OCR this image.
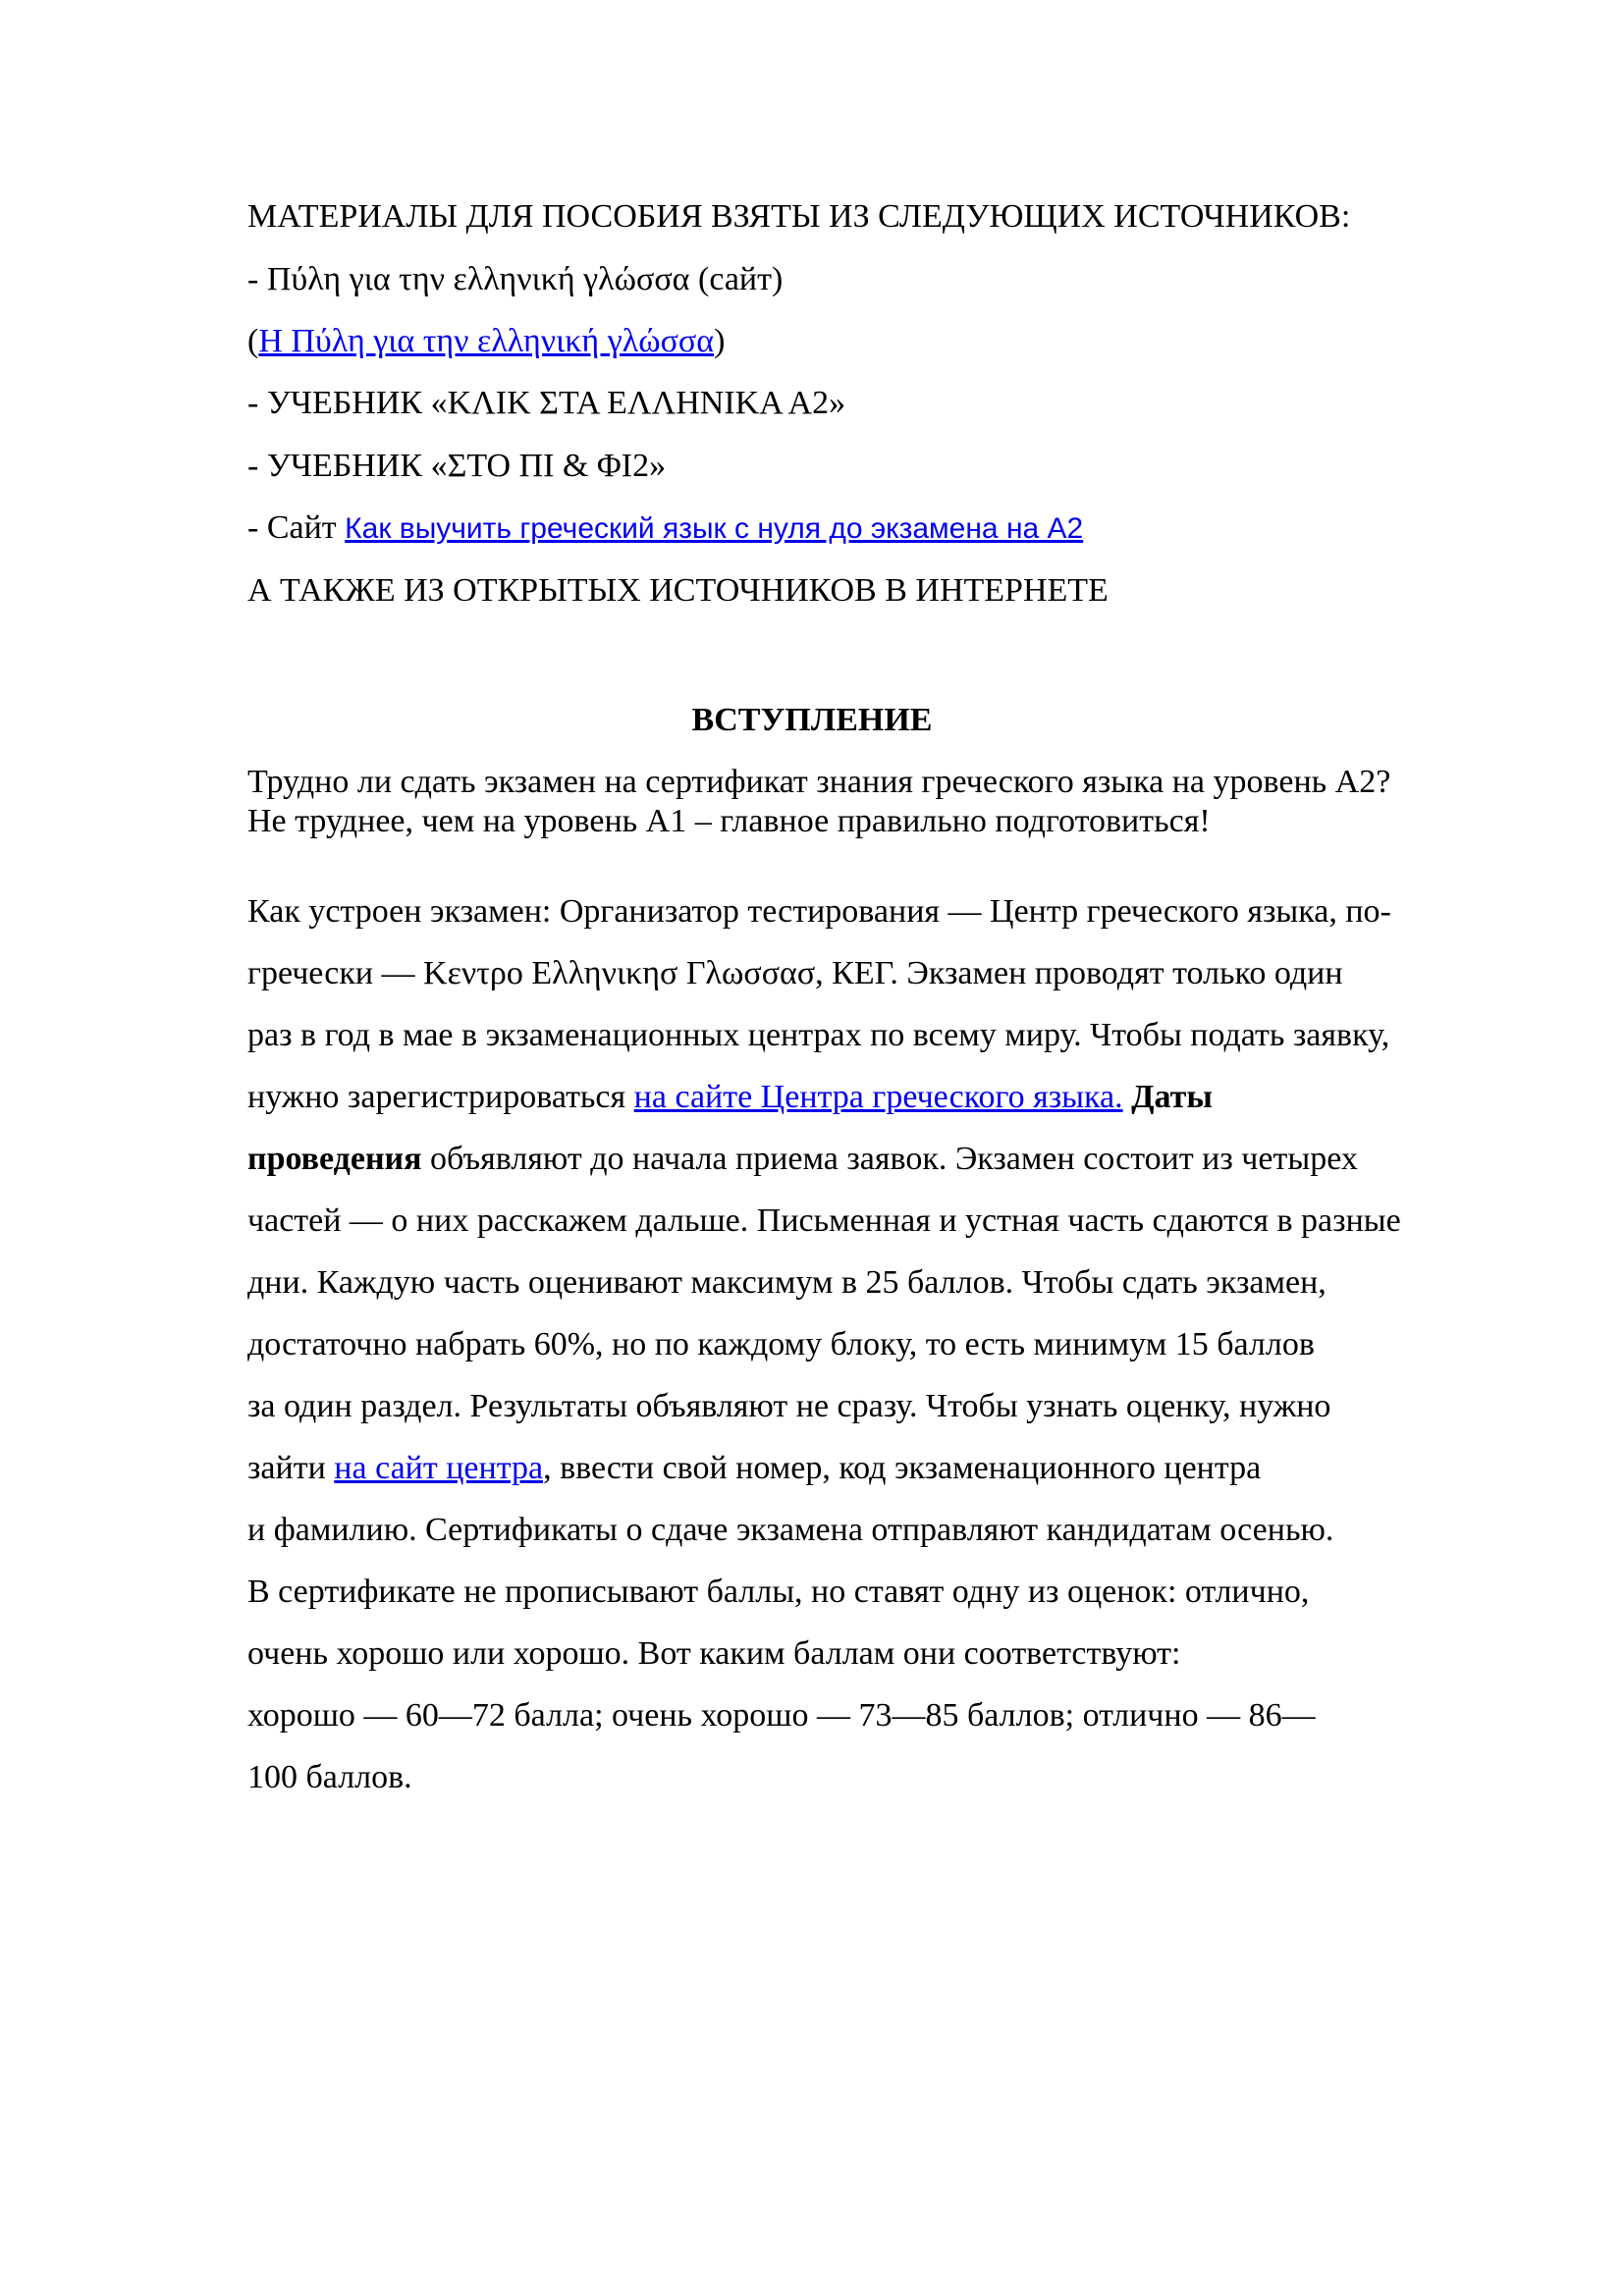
МАТЕРИАЛЫ ДЛЯ ПОСОБИЯ ВЗЯТЫ ИЗ СЛЕДУЮЩИХ ИСТОЧНИКОВ:
- Πύλη για την ελληνική γλώσσα (сайт)
(Η Πύλη για την ελληνική γλώσσα)
- УЧЕБНИК «ΚΛΙΚ ΣΤΑ ΕΛΛΗΝΙΚΑ Α2»
- УЧЕБНИК «ΣΤΟ ΠΙ & ΦΙ2»
- Сайт Как выучить греческий язык с нуля до экзамена на А2
А ТАКЖЕ ИЗ ОТКРЫТЫХ ИСТОЧНИКОВ В ИНТЕРНЕТЕ
ВСТУПЛЕНИЕ
Трудно ли сдать экзамен на сертификат знания греческого языка на уровень А2?
Не труднее, чем на уровень А1 – главное правильно подготовиться!
Как устроен экзамен: Организатор тестирования — Центр греческого языка, по-
гречески — Κεντρο Ελληνικησ Γλωσσασ, КЕГ. Экзамен проводят только один
раз в год в мае в экзаменационных центрах по всему миру. Чтобы подать заявку,
нужно зарегистрироваться на сайте Центра греческого языка. Даты
проведения объявляют до начала приема заявок. Экзамен состоит из четырех
частей — о них расскажем дальше. Письменная и устная часть сдаются в разные
дни. Каждую часть оценивают максимум в 25 баллов. Чтобы сдать экзамен,
достаточно набрать 60%, но по каждому блоку, то есть минимум 15 баллов
за один раздел. Результаты объявляют не сразу. Чтобы узнать оценку, нужно
зайти на сайт центра, ввести свой номер, код экзаменационного центра
и фамилию. Сертификаты о сдаче экзамена отправляют кандидатам осенью.
В сертификате не прописывают баллы, но ставят одну из оценок: отлично,
очень хорошо или хорошо. Вот каким баллам они соответствуют:
хорошо — 60—72 балла; очень хорошо — 73—85 баллов; отлично — 86—
100 баллов.
